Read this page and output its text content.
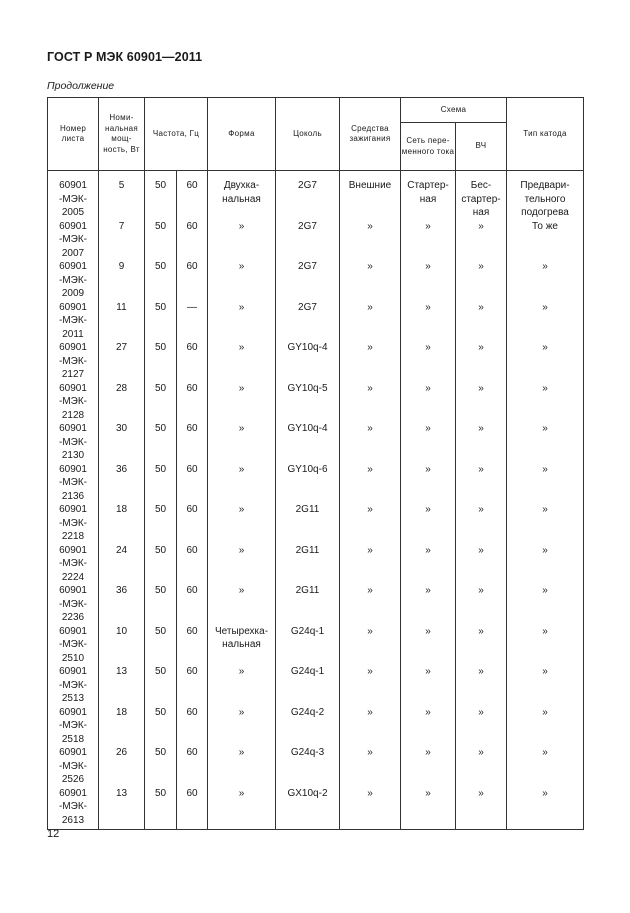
ГОСТ Р МЭК 60901—2011
Продолжение
Номер листа	Номи-нальная мощ-ность, Вт	Частота, Гц		Форма	Цоколь	Средства зажигания	Схема		Тип катода
							Сеть пере-менного тока	ВЧ	
60901 -МЭК- 2005	5	50	60	Двухка-нальная	2G7	Внешние	Стартер-ная	Бес-стартер-ная	Предвари-тельного подогрева
60901 -МЭК- 2007	7	50	60	»	2G7	»	»	»	То же
60901 -МЭК- 2009	9	50	60	»	2G7	»	»	»	»
60901 -МЭК- 2011	11	50	—	»	2G7	»	»	»	»
60901 -МЭК- 2127	27	50	60	»	GY10q-4	»	»	»	»
60901 -МЭК- 2128	28	50	60	»	GY10q-5	»	»	»	»
60901 -МЭК- 2130	30	50	60	»	GY10q-4	»	»	»	»
60901 -МЭК- 2136	36	50	60	»	GY10q-6	»	»	»	»
60901 -МЭК- 2218	18	50	60	»	2G11	»	»	»	»
60901 -МЭК- 2224	24	50	60	»	2G11	»	»	»	»
60901 -МЭК- 2236	36	50	60	»	2G11	»	»	»	»
60901 -МЭК- 2510	10	50	60	Четырехка-нальная	G24q-1	»	»	»	»
60901 -МЭК- 2513	13	50	60	»	G24q-1	»	»	»	»
60901 -МЭК- 2518	18	50	60	»	G24q-2	»	»	»	»
60901 -МЭК- 2526	26	50	60	»	G24q-3	»	»	»	»
60901 -МЭК- 2613	13	50	60	»	GX10q-2	»	»	»	»
12
